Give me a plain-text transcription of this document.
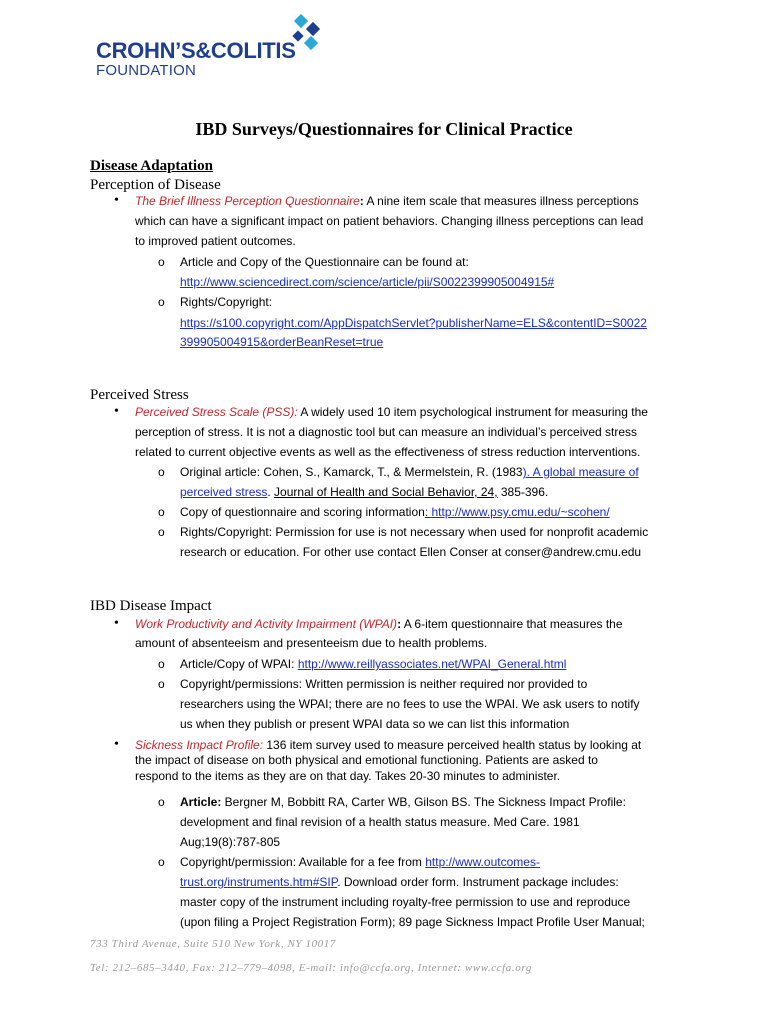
CROHN’S&COLITIS
FOUNDATION
IBD Surveys/Questionnaires for Clinical Practice
Disease Adaptation
Perception of Disease
• The Brief Illness Perception Questionnaire: A nine item scale that measures illness perceptions
which can have a significant impact on patient behaviors. Changing illness perceptions can lead
to improved patient outcomes.
o Article and Copy of the Questionnaire can be found at:
http://www.sciencedirect.com/science/article/pii/S0022399905004915#
o Rights/Copyright:
https://s100.copyright.com/AppDispatchServlet?publisherName=ELS&contentID=S0022
399905004915&orderBeanReset=true
Perceived Stress
• Perceived Stress Scale (PSS): A widely used 10 item psychological instrument for measuring the
perception of stress. It is not a diagnostic tool but can measure an individual’s perceived stress
related to current objective events as well as the effectiveness of stress reduction interventions.
o Original article: Cohen, S., Kamarck, T., & Mermelstein, R. (1983). A global measure of
perceived stress. Journal of Health and Social Behavior, 24, 385-396.
o Copy of questionnaire and scoring information: http://www.psy.cmu.edu/~scohen/
o Rights/Copyright: Permission for use is not necessary when used for nonprofit academic
research or education. For other use contact Ellen Conser at conser@andrew.cmu.edu
IBD Disease Impact
• Work Productivity and Activity Impairment (WPAI): A 6-item questionnaire that measures the
amount of absenteeism and presenteeism due to health problems.
o Article/Copy of WPAI: http://www.reillyassociates.net/WPAI_General.html
o Copyright/permissions: Written permission is neither required nor provided to
researchers using the WPAI; there are no fees to use the WPAI. We ask users to notify
us when they publish or present WPAI data so we can list this information
• Sickness Impact Profile: 136 item survey used to measure perceived health status by looking at
the impact of disease on both physical and emotional functioning. Patients are asked to
respond to the items as they are on that day. Takes 20-30 minutes to administer.
o Article: Bergner M, Bobbitt RA, Carter WB, Gilson BS. The Sickness Impact Profile:
development and final revision of a health status measure. Med Care. 1981
Aug;19(8):787-805
o Copyright/permission: Available for a fee from http://www.outcomes-
trust.org/instruments.htm#SIP. Download order form. Instrument package includes:
master copy of the instrument including royalty-free permission to use and reproduce
(upon filing a Project Registration Form); 89 page Sickness Impact Profile User Manual;
733 Third Avenue, Suite 510 New York, NY 10017
Tel: 212–685–3440, Fax: 212–779–4098, E-mail: info@ccfa.org, Internet: www.ccfa.org
